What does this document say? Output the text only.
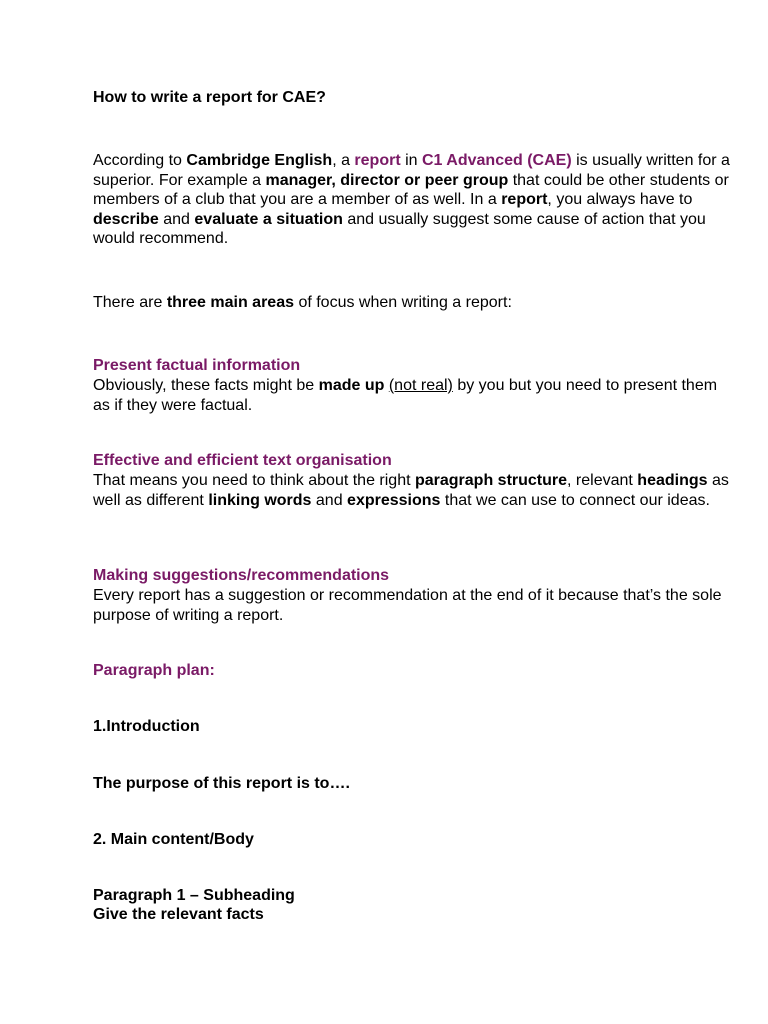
How to write a report for CAE?
According to Cambridge English, a report in C1 Advanced (CAE) is usually written for a superior. For example a manager, director or peer group that could be other students or members of a club that you are a member of as well. In a report, you always have to describe and evaluate a situation and usually suggest some cause of action that you would recommend.
There are three main areas of focus when writing a report:
Present factual information
Obviously, these facts might be made up (not real) by you but you need to present them as if they were factual.
Effective and efficient text organisation
That means you need to think about the right paragraph structure, relevant headings as well as different linking words and expressions that we can use to connect our ideas.
Making suggestions/recommendations
Every report has a suggestion or recommendation at the end of it because that’s the sole purpose of writing a report.
Paragraph plan:
1.Introduction
The purpose of this report is to….
2. Main content/Body
Paragraph 1 – Subheading
Give the relevant facts
